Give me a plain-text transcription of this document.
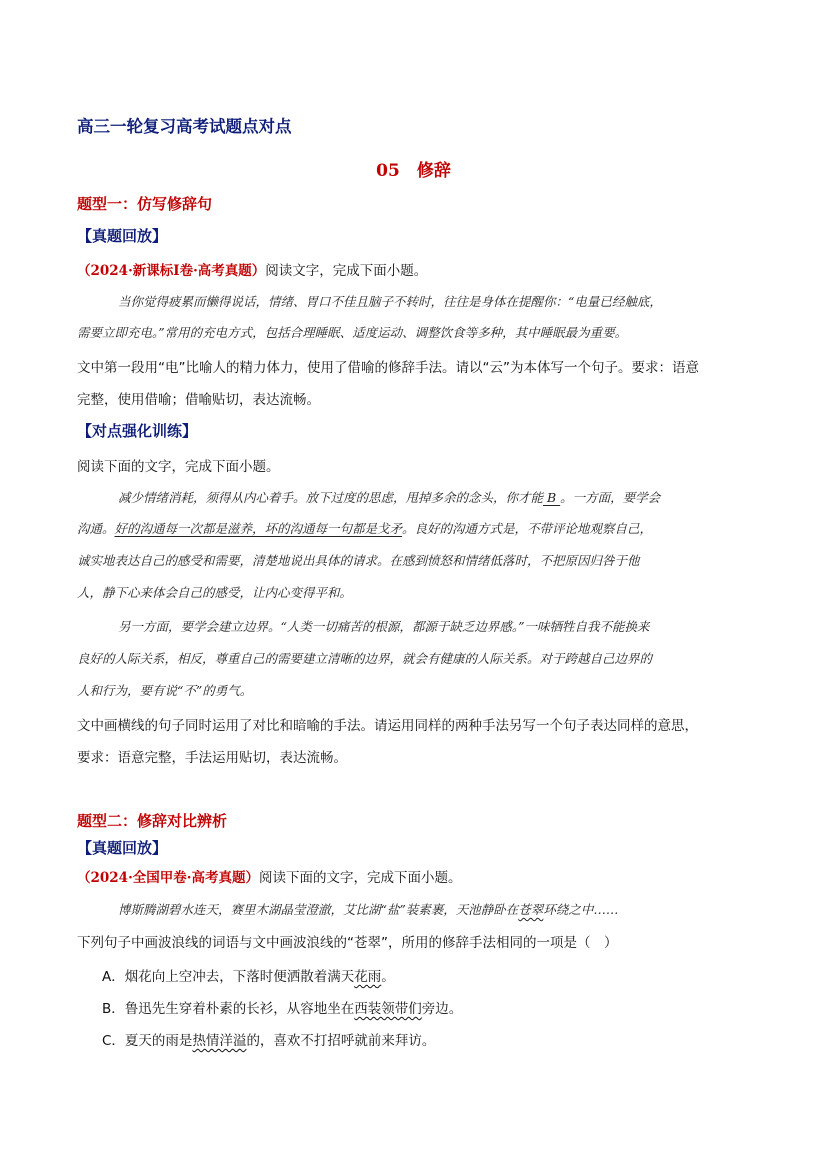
高三一轮复习高考试题点对点
05　修辞
题型一：仿写修辞句
【真题回放】
（2024·新课标Ⅰ卷·高考真题）阅读文字，完成下面小题。
当你觉得疲累而懒得说话，情绪、胃口不佳且脑子不转时，往往是身体在提醒你：“电量已经触底，
需要立即充电。”常用的充电方式，包括合理睡眠、适度运动、调整饮食等多种，其中睡眠最为重要。
文中第一段用“电”比喻人的精力体力，使用了借喻的修辞手法。请以“云”为本体写一个句子。要求：语意
完整，使用借喻；借喻贴切，表达流畅。
【对点强化训练】
阅读下面的文字，完成下面小题。
减少情绪消耗，须得从内心着手。放下过度的思虑，甩掉多余的念头，你才能 B 。一方面，要学会
沟通。好的沟通每一次都是滋养，坏的沟通每一句都是戈矛。良好的沟通方式是，不带评论地观察自己，
诚实地表达自己的感受和需要，清楚地说出具体的请求。在感到愤怒和情绪低落时，不把原因归咎于他
人，静下心来体会自己的感受，让内心变得平和。
另一方面，要学会建立边界。“人类一切痛苦的根源，都源于缺乏边界感。”一味牺牲自我不能换来
良好的人际关系，相反，尊重自己的需要建立清晰的边界，就会有健康的人际关系。对于跨越自己边界的
人和行为，要有说“不”的勇气。
文中画横线的句子同时运用了对比和暗喻的手法。请运用同样的两种手法另写一个句子表达同样的意思，
要求：语意完整，手法运用贴切，表达流畅。
题型二：修辞对比辨析
【真题回放】
（2024·全国甲卷·高考真题）阅读下面的文字，完成下面小题。
博斯腾湖碧水连天，赛里木湖晶莹澄澈，艾比湖“盐”装素裹，天池静卧在苍翠环绕之中……
下列句子中画波浪线的词语与文中画波浪线的“苍翠”，所用的修辞手法相同的一项是（　）
A．烟花向上空冲去，下落时便洒散着满天花雨。
B．鲁迅先生穿着朴素的长衫，从容地坐在西装领带们旁边。
C．夏天的雨是热情洋溢的，喜欢不打招呼就前来拜访。
